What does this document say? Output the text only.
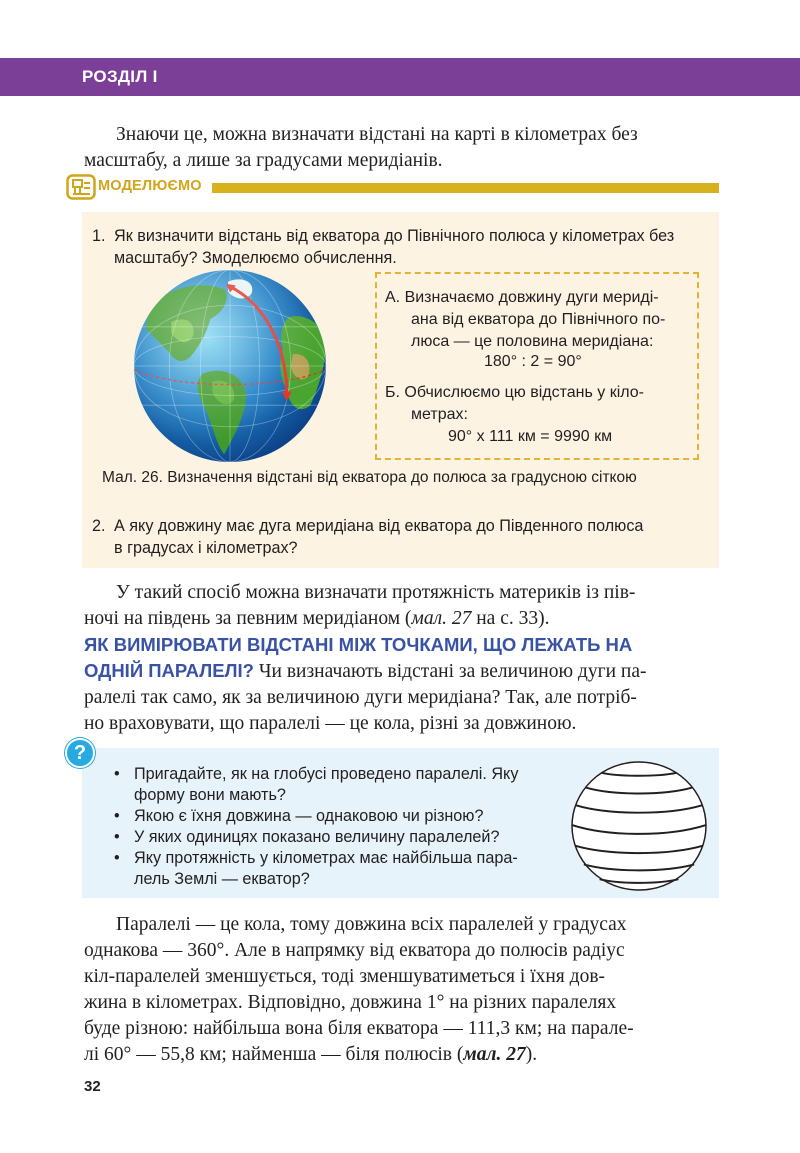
РОЗДІЛ І
Знаючи це, можна визначати відстані на карті в кілометрах без
масштабу, а лише за градусами меридіанів.
МОДЕЛЮЄМО
1. Як визначити відстань від екватора до Північного полюса у кілометрах без
масштабу? Змоделюємо обчислення.
А. Визначаємо довжину дуги мериді-
ана від екватора до Північного по-
люса — це половина меридіана:
180° : 2 = 90°
Б. Обчислюємо цю відстань у кіло-
метрах:
90° х 111 км = 9990 км
Мал. 26. Визначення відстані від екватора до полюса за градусною сіткою
2. А яку довжину має дуга меридіана від екватора до Південного полюса
в градусах і кілометрах?
У такий спосіб можна визначати протяжність материків із пів-
ночі на південь за певним меридіаном (мал. 27 на с. 33).
ЯК ВИМІРЮВАТИ ВІДСТАНІ МІЖ ТОЧКАМИ, ЩО ЛЕЖАТЬ НА
ОДНІЙ ПАРАЛЕЛІ? Чи визначають відстані за величиною дуги па-
ралелі так само, як за величиною дуги меридіана? Так, але потріб-
но враховувати, що паралелі — це кола, різні за довжиною.
?
• Пригадайте, як на глобусі проведено паралелі. Яку
форму вони мають?
• Якою є їхня довжина — однаковою чи різною?
• У яких одиницях показано величину паралелей?
• Яку протяжність у кілометрах має найбільша пара-
лель Землі — екватор?
Паралелі — це кола, тому довжина всіх паралелей у градусах
однакова — 360°. Але в напрямку від екватора до полюсів радіус
кіл-паралелей зменшується, тоді зменшуватиметься і їхня дов-
жина в кілометрах. Відповідно, довжина 1° на різних паралелях
буде різною: найбільша вона біля екватора — 111,3 км; на парале-
лі 60° — 55,8 км; найменша — біля полюсів (мал. 27).
32
